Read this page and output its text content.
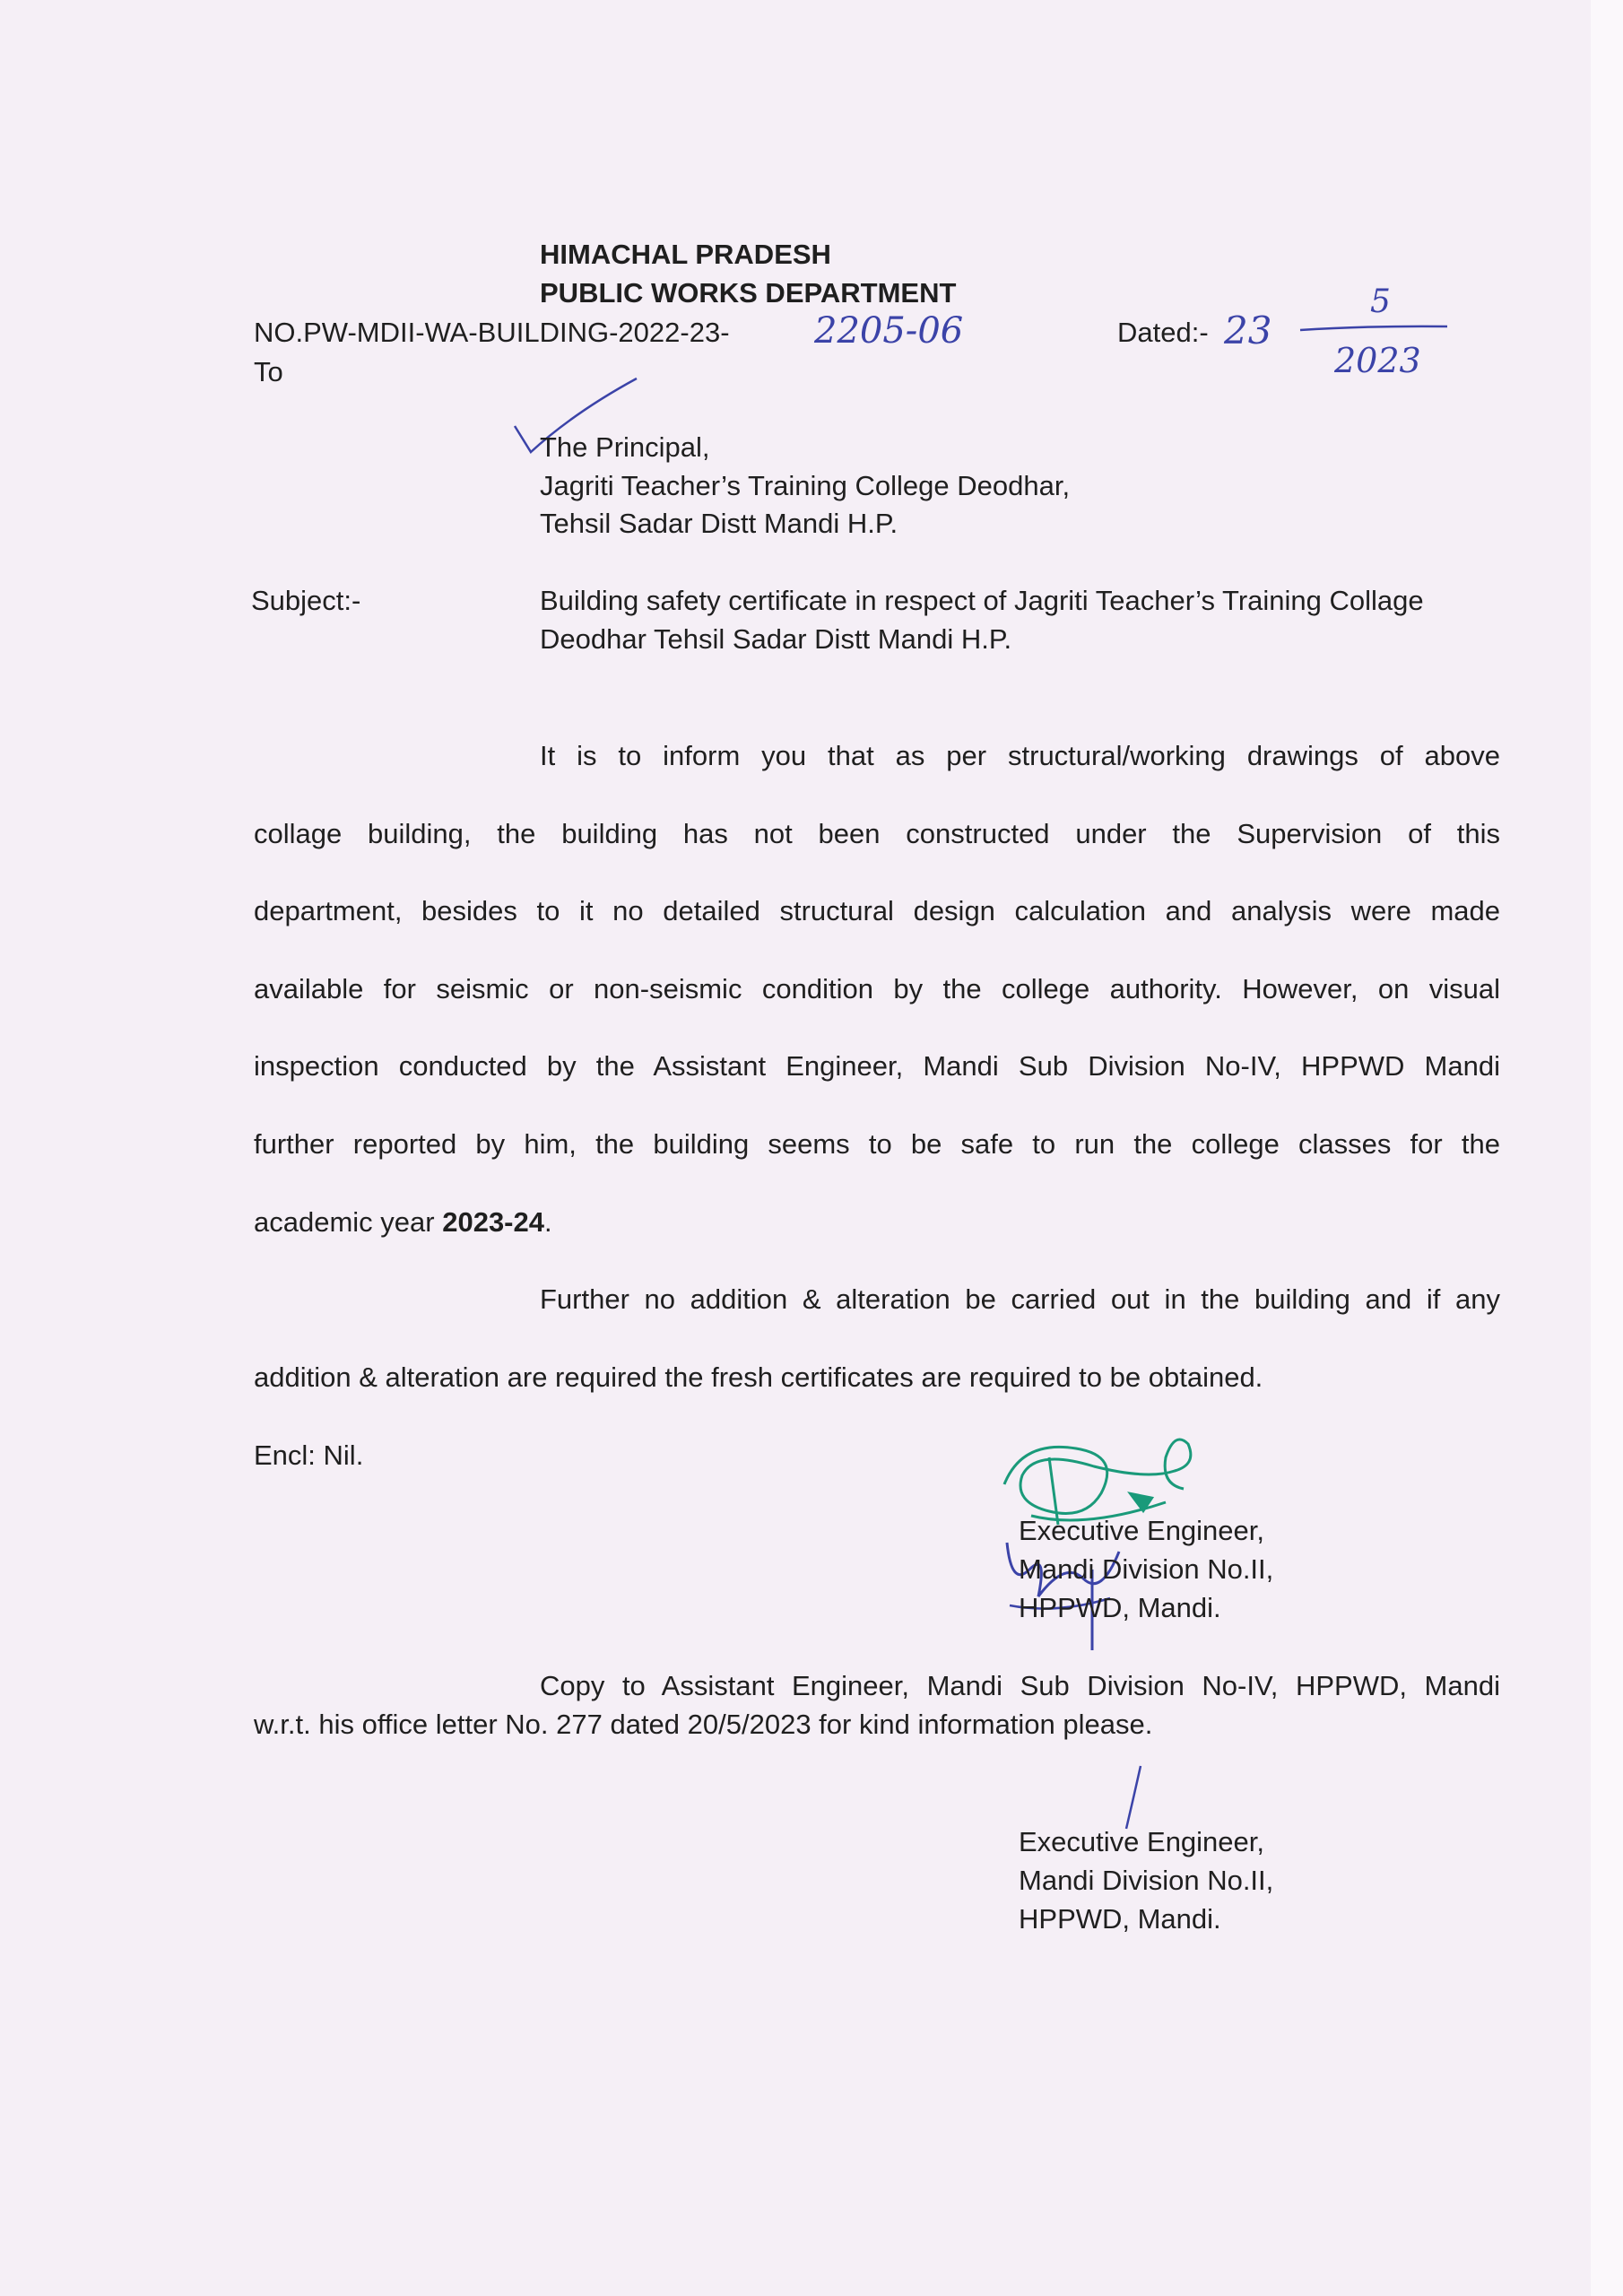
HIMACHAL PRADESH
PUBLIC WORKS DEPARTMENT
NO.PW-MDII-WA-BUILDING-2022-23- 2205-06	Dated:- 23
5
2023
To
The Principal,
Jagriti Teacher’s Training College Deodhar,
Tehsil Sadar Distt Mandi H.P.
Subject:-	Building safety certificate in respect of Jagriti Teacher’s Training Collage
Deodhar Tehsil Sadar Distt Mandi H.P.
It is to inform you that as per structural/working drawings of above
collage building, the building has not been constructed under the Supervision of this
department, besides to it no detailed structural design calculation and analysis were made
available for seismic or non-seismic condition by the college authority. However, on visual
inspection conducted by the Assistant Engineer, Mandi Sub Division No-IV, HPPWD Mandi
further reported by him, the building seems to be safe to run the college classes for the
academic year 2023-24.
Further no addition & alteration be carried out in the building and if any
addition & alteration are required the fresh certificates are required to be obtained.
Encl: Nil.
Executive Engineer,
Mandi Division No.II,
HPPWD, Mandi.
Copy to Assistant Engineer, Mandi Sub Division No-IV, HPPWD, Mandi
w.r.t. his office letter No. 277 dated 20/5/2023 for kind information please.
Executive Engineer,
Mandi Division No.II,
HPPWD, Mandi.
